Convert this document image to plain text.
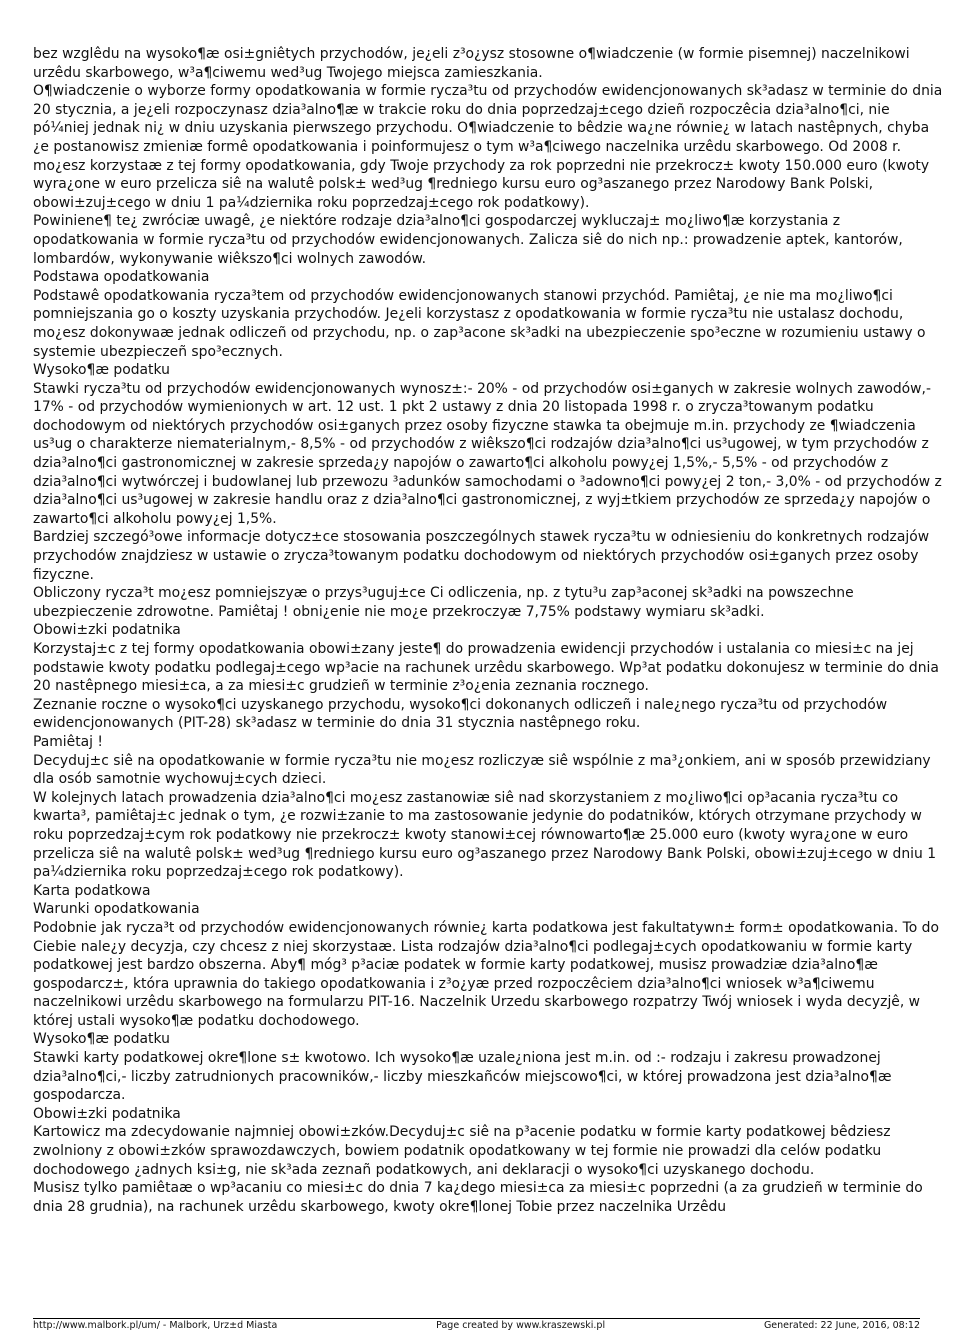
bez wzglêdu na wysoko¶æ osi±gniêtych przychodów, je¿eli z³o¿ysz stosowne o¶wiadczenie (w formie pisemnej) naczelnikowi urzêdu skarbowego, w³a¶ciwemu wed³ug Twojego miejsca zamieszkania.

O¶wiadczenie o wyborze formy opodatkowania w formie rycza³tu od przychodów ewidencjonowanych sk³adasz w terminie do dnia 20 stycznia, a je¿eli rozpoczynasz dzia³alno¶æ w trakcie roku do dnia poprzedzaj±cego dzieñ rozpoczêcia dzia³alno¶ci, nie pó¼niej jednak ni¿ w dniu uzyskania pierwszego przychodu. O¶wiadczenie to bêdzie wa¿ne równie¿ w latach nastêpnych, chyba ¿e postanowisz zmieniæ formê opodatkowania i poinformujesz o tym w³a¶ciwego naczelnika urzêdu skarbowego. Od 2008 r. mo¿esz korzystaæ z tej formy opodatkowania, gdy Twoje przychody za rok poprzedni nie przekrocz± kwoty 150.000 euro (kwoty wyra¿one w euro przelicza siê na walutê polsk± wed³ug ¶redniego kursu euro og³aszanego przez Narodowy Bank Polski, obowi±zuj±cego w dniu 1 pa¼dziernika roku poprzedzaj±cego rok podatkowy).

Powiniene¶ te¿ zwróciæ uwagê, ¿e niektóre rodzaje dzia³alno¶ci gospodarczej wykluczaj± mo¿liwo¶æ korzystania z opodatkowania w formie rycza³tu od przychodów ewidencjonowanych. Zalicza siê do nich np.: prowadzenie aptek, kantorów, lombardów, wykonywanie wiêkszo¶ci wolnych zawodów.

Podstawa opodatkowania

Podstawê opodatkowania rycza³tem od przychodów ewidencjonowanych stanowi przychód. Pamiêtaj, ¿e nie ma mo¿liwo¶ci pomniejszania go o koszty uzyskania przychodów. Je¿eli korzystasz z opodatkowania w formie rycza³tu nie ustalasz dochodu, mo¿esz dokonywaæ jednak odliczeñ od przychodu, np. o zap³acone sk³adki na ubezpieczenie spo³eczne w rozumieniu ustawy o systemie ubezpieczeñ spo³ecznych.

Wysoko¶æ podatku

Stawki rycza³tu od przychodów ewidencjonowanych wynosz±:- 20% - od przychodów osi±ganych w zakresie wolnych zawodów,- 17% - od przychodów wymienionych w art. 12 ust. 1 pkt 2 ustawy z dnia 20 listopada 1998 r. o zrycza³towanym podatku dochodowym od niektórych przychodów osi±ganych przez osoby fizyczne stawka ta obejmuje m.in. przychody ze ¶wiadczenia us³ug o charakterze niematerialnym,- 8,5% - od przychodów z wiêkszo¶ci rodzajów dzia³alno¶ci us³ugowej, w tym przychodów z dzia³alno¶ci gastronomicznej w zakresie sprzeda¿y napojów o zawarto¶ci alkoholu powy¿ej 1,5%,- 5,5% - od przychodów z dzia³alno¶ci wytwórczej i budowlanej lub przewozu ³adunków samochodami o ³adowno¶ci powy¿ej 2 ton,- 3,0% - od przychodów z dzia³alno¶ci us³ugowej w zakresie handlu oraz z dzia³alno¶ci gastronomicznej, z wyj±tkiem przychodów ze sprzeda¿y napojów o zawarto¶ci alkoholu powy¿ej 1,5%.

Bardziej szczegó³owe informacje dotycz±ce stosowania poszczególnych stawek rycza³tu w odniesieniu do konkretnych rodzajów przychodów znajdziesz w ustawie o zrycza³towanym podatku dochodowym od niektórych przychodów osi±ganych przez osoby fizyczne.

Obliczony rycza³t mo¿esz pomniejszyæ o przys³uguj±ce Ci odliczenia, np. z tytu³u zap³aconej sk³adki na powszechne ubezpieczenie zdrowotne. Pamiêtaj ! obni¿enie nie mo¿e przekroczyæ 7,75% podstawy wymiaru sk³adki.

Obowi±zki podatnika

Korzystaj±c z tej formy opodatkowania obowi±zany jeste¶ do prowadzenia ewidencji przychodów i ustalania co miesi±c na jej podstawie kwoty podatku podlegaj±cego wp³acie na rachunek urzêdu skarbowego. Wp³at podatku dokonujesz w terminie do dnia 20 nastêpnego miesi±ca, a za miesi±c grudzieñ w terminie z³o¿enia zeznania rocznego.

Zeznanie roczne o wysoko¶ci uzyskanego przychodu, wysoko¶ci dokonanych odliczeñ i nale¿nego rycza³tu od przychodów ewidencjonowanych (PIT-28) sk³adasz w terminie do dnia 31 stycznia nastêpnego roku.

Pamiêtaj !

Decyduj±c siê na opodatkowanie w formie rycza³tu nie mo¿esz rozliczyæ siê wspólnie z ma³¿onkiem, ani w sposób przewidziany dla osób samotnie wychowuj±cych dzieci.

W kolejnych latach prowadzenia dzia³alno¶ci mo¿esz zastanowiæ siê nad skorzystaniem z mo¿liwo¶ci op³acania rycza³tu co kwarta³, pamiêtaj±c jednak o tym, ¿e rozwi±zanie to ma zastosowanie jedynie do podatników, których otrzymane przychody w roku poprzedzaj±cym rok podatkowy nie przekrocz± kwoty stanowi±cej równowarto¶æ 25.000 euro (kwoty wyra¿one w euro przelicza siê na walutê polsk± wed³ug ¶redniego kursu euro og³aszanego przez Narodowy Bank Polski, obowi±zuj±cego w dniu 1 pa¼dziernika roku poprzedzaj±cego rok podatkowy).

Karta podatkowa

Warunki opodatkowania

Podobnie jak rycza³t od przychodów ewidencjonowanych równie¿ karta podatkowa jest fakultatywn± form± opodatkowania. To do Ciebie nale¿y decyzja, czy chcesz z niej skorzystaæ. Lista rodzajów dzia³alno¶ci podlegaj±cych opodatkowaniu w formie karty podatkowej jest bardzo obszerna. Aby¶ móg³ p³aciæ podatek w formie karty podatkowej, musisz prowadziæ dzia³alno¶æ gospodarcz±, która uprawnia do takiego opodatkowania i z³o¿yæ przed rozpoczêciem dzia³alno¶ci wniosek w³a¶ciwemu naczelnikowi urzêdu skarbowego na formularzu PIT-16. Naczelnik Urzedu skarbowego rozpatrzy Twój wniosek i wyda decyzjê, w której ustali wysoko¶æ podatku dochodowego.

Wysoko¶æ podatku

Stawki karty podatkowej okre¶lone s± kwotowo. Ich wysoko¶æ uzale¿niona jest m.in. od :- rodzaju i zakresu prowadzonej dzia³alno¶ci,- liczby zatrudnionych pracowników,- liczby mieszkañców miejscowo¶ci, w której prowadzona jest dzia³alno¶æ gospodarcza.

Obowi±zki podatnika

Kartowicz ma zdecydowanie najmniej obowi±zków.Decyduj±c siê na p³acenie podatku w formie karty podatkowej bêdziesz zwolniony z obowi±zków sprawozdawczych, bowiem podatnik opodatkowany w tej formie nie prowadzi dla celów podatku dochodowego ¿adnych ksi±g, nie sk³ada zeznañ podatkowych, ani deklaracji o wysoko¶ci uzyskanego dochodu.

Musisz tylko pamiêtaæ o wp³acaniu co miesi±c do dnia 7 ka¿dego miesi±ca za miesi±c poprzedni (a za grudzieñ w terminie do dnia 28 grudnia), na rachunek urzêdu skarbowego, kwoty okre¶lonej Tobie przez naczelnika Urzêdu

http://www.malbork.pl/um/ - Malbork, Urz±d Miasta	Page created by www.kraszewski.pl	Generated: 22 June, 2016, 08:12
